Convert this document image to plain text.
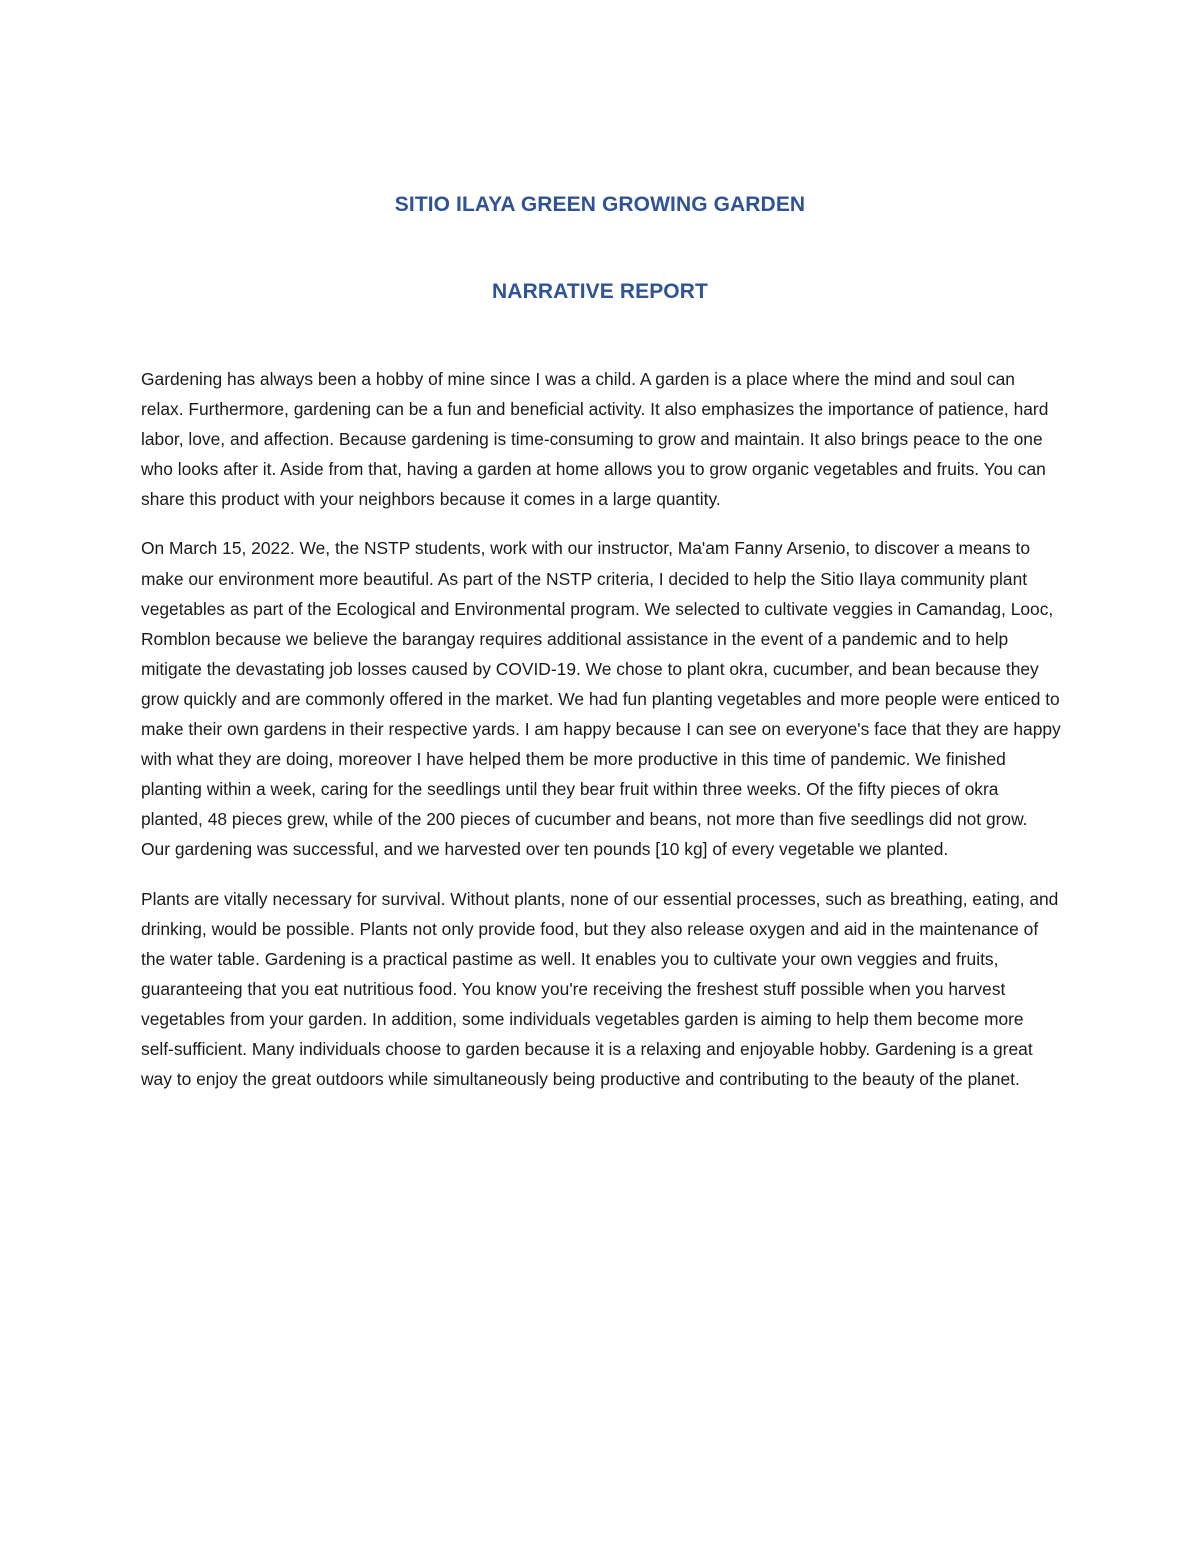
SITIO ILAYA GREEN GROWING GARDEN
NARRATIVE REPORT

Gardening has always been a hobby of mine since I was a child. A garden is a place where the mind and soul can relax. Furthermore, gardening can be a fun and beneficial activity. It also emphasizes the importance of patience, hard labor, love, and affection. Because gardening is time-consuming to grow and maintain. It also brings peace to the one who looks after it. Aside from that, having a garden at home allows you to grow organic vegetables and fruits. You can share this product with your neighbors because it comes in a large quantity.

On March 15, 2022. We, the NSTP students, work with our instructor, Ma'am Fanny Arsenio, to discover a means to make our environment more beautiful. As part of the NSTP criteria, I decided to help the Sitio Ilaya community plant vegetables as part of the Ecological and Environmental program. We selected to cultivate veggies in Camandag, Looc, Romblon because we believe the barangay requires additional assistance in the event of a pandemic and to help mitigate the devastating job losses caused by COVID-19. We chose to plant okra, cucumber, and bean because they grow quickly and are commonly offered in the market. We had fun planting vegetables and more people were enticed to make their own gardens in their respective yards. I am happy because I can see on everyone's face that they are happy with what they are doing, moreover I have helped them be more productive in this time of pandemic. We finished planting within a week, caring for the seedlings until they bear fruit within three weeks. Of the fifty pieces of okra planted, 48 pieces grew, while of the 200 pieces of cucumber and beans, not more than five seedlings did not grow. Our gardening was successful, and we harvested over ten pounds [10 kg] of every vegetable we planted.

Plants are vitally necessary for survival. Without plants, none of our essential processes, such as breathing, eating, and drinking, would be possible. Plants not only provide food, but they also release oxygen and aid in the maintenance of the water table. Gardening is a practical pastime as well. It enables you to cultivate your own veggies and fruits, guaranteeing that you eat nutritious food. You know you're receiving the freshest stuff possible when you harvest vegetables from your garden. In addition, some individuals vegetables garden is aiming to help them become more self-sufficient. Many individuals choose to garden because it is a relaxing and enjoyable hobby. Gardening is a great way to enjoy the great outdoors while simultaneously being productive and contributing to the beauty of the planet.
